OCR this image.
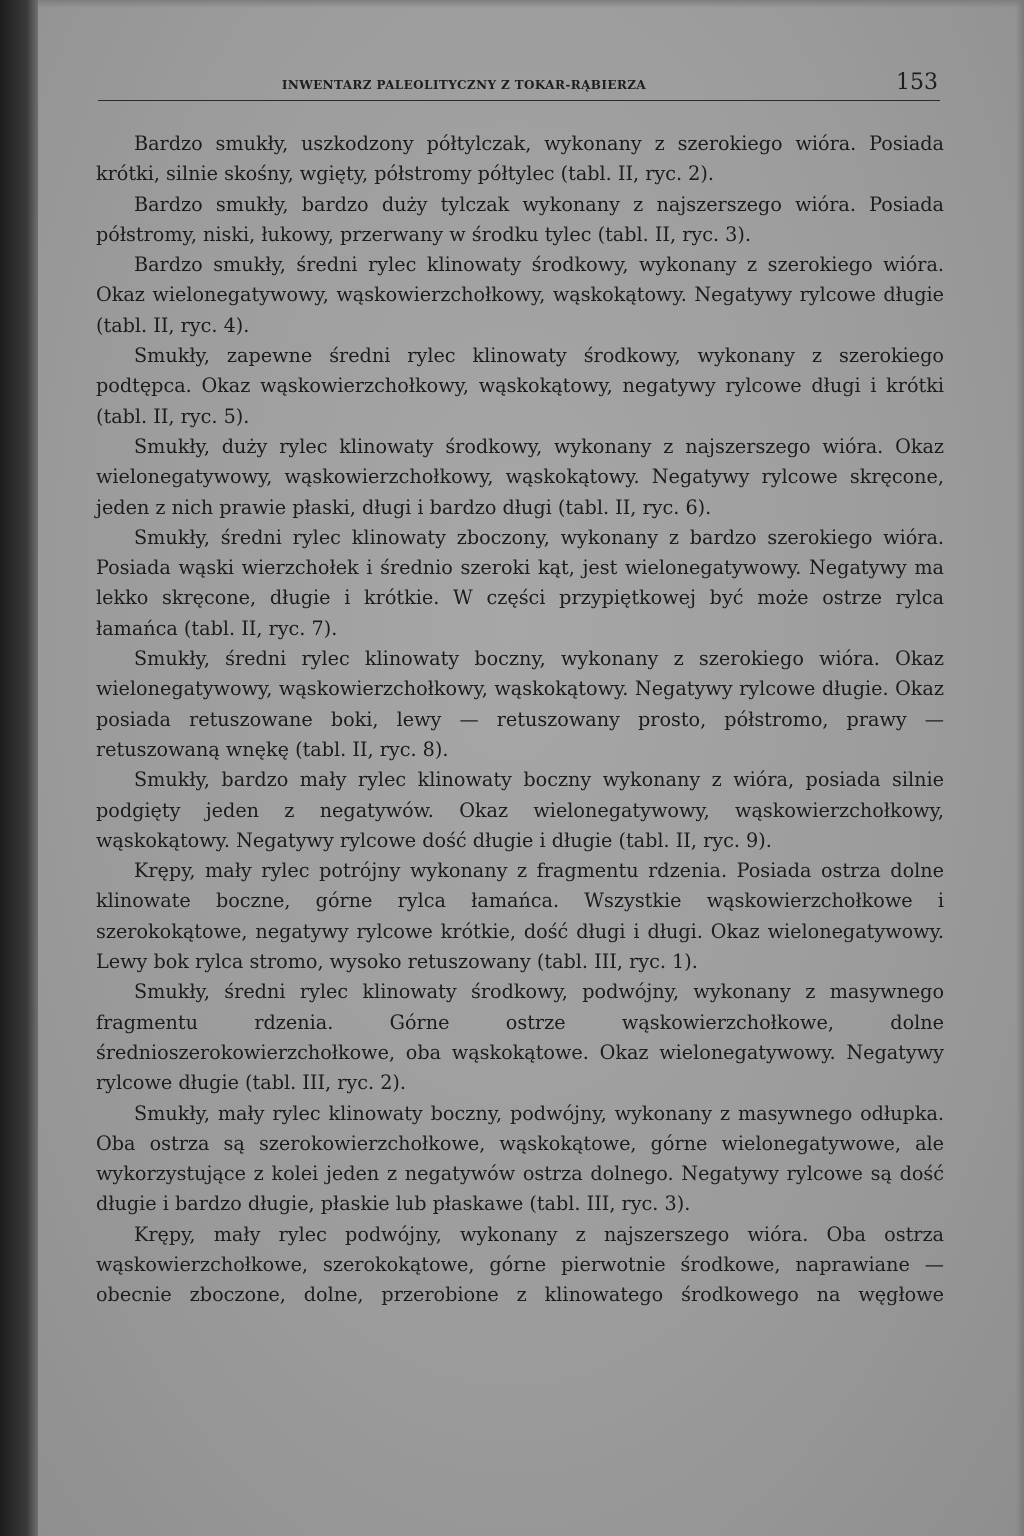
INWENTARZ PALEOLITYCZNY Z TOKAR-RĄBIERZA	153

Bardzo smukły, uszkodzony półtylczak, wykonany z szerokiego wióra. Posiada krótki, silnie skośny, wgięty, półstromy półtylec (tabl. II, ryc. 2).

Bardzo smukły, bardzo duży tylczak wykonany z najszerszego wióra. Posiada półstromy, niski, łukowy, przerwany w środku tylec (tabl. II, ryc. 3).

Bardzo smukły, średni rylec klinowaty środkowy, wykonany z szerokiego wióra. Okaz wielonegatywowy, wąskowierzchołkowy, wąskokątowy. Negatywy rylcowe długie (tabl. II, ryc. 4).

Smukły, zapewne średni rylec klinowaty środkowy, wykonany z szerokiego podtępca. Okaz wąskowierzchołkowy, wąskokątowy, negatywy rylcowe długi i krótki (tabl. II, ryc. 5).

Smukły, duży rylec klinowaty środkowy, wykonany z najszerszego wióra. Okaz wielonegatywowy, wąskowierzchołkowy, wąskokątowy. Negatywy rylcowe skręcone, jeden z nich prawie płaski, długi i bardzo długi (tabl. II, ryc. 6).

Smukły, średni rylec klinowaty zboczony, wykonany z bardzo szerokiego wióra. Posiada wąski wierzchołek i średnio szeroki kąt, jest wielonegatywowy. Negatywy ma lekko skręcone, długie i krótkie. W części przypiętkowej być może ostrze rylca łamańca (tabl. II, ryc. 7).

Smukły, średni rylec klinowaty boczny, wykonany z szerokiego wióra. Okaz wielonegatywowy, wąskowierzchołkowy, wąskokątowy. Negatywy rylcowe długie. Okaz posiada retuszowane boki, lewy — retuszowany prosto, półstromo, prawy — retuszowaną wnękę (tabl. II, ryc. 8).

Smukły, bardzo mały rylec klinowaty boczny wykonany z wióra, posiada silnie podgięty jeden z negatywów. Okaz wielonegatywowy, wąskowierzchołkowy, wąskokątowy. Negatywy rylcowe dość długie i długie (tabl. II, ryc. 9).

Krępy, mały rylec potrójny wykonany z fragmentu rdzenia. Posiada ostrza dolne klinowate boczne, górne rylca łamańca. Wszystkie wąskowierzchołkowe i szerokokątowe, negatywy rylcowe krótkie, dość długi i długi. Okaz wielonegatywowy. Lewy bok rylca stromo, wysoko retuszowany (tabl. III, ryc. 1).

Smukły, średni rylec klinowaty środkowy, podwójny, wykonany z masywnego fragmentu rdzenia. Górne ostrze wąskowierzchołkowe, dolne średnioszerokowierzchołkowe, oba wąskokątowe. Okaz wielonegatywowy. Negatywy rylcowe długie (tabl. III, ryc. 2).

Smukły, mały rylec klinowaty boczny, podwójny, wykonany z masywnego odłupka. Oba ostrza są szerokowierzchołkowe, wąskokątowe, górne wielonegatywowe, ale wykorzystujące z kolei jeden z negatywów ostrza dolnego. Negatywy rylcowe są dość długie i bardzo długie, płaskie lub płaskawe (tabl. III, ryc. 3).

Krępy, mały rylec podwójny, wykonany z najszerszego wióra. Oba ostrza wąskowierzchołkowe, szerokokątowe, górne pierwotnie środkowe, naprawiane — obecnie zboczone, dolne, przerobione z klinowatego środkowego na węgłowe
